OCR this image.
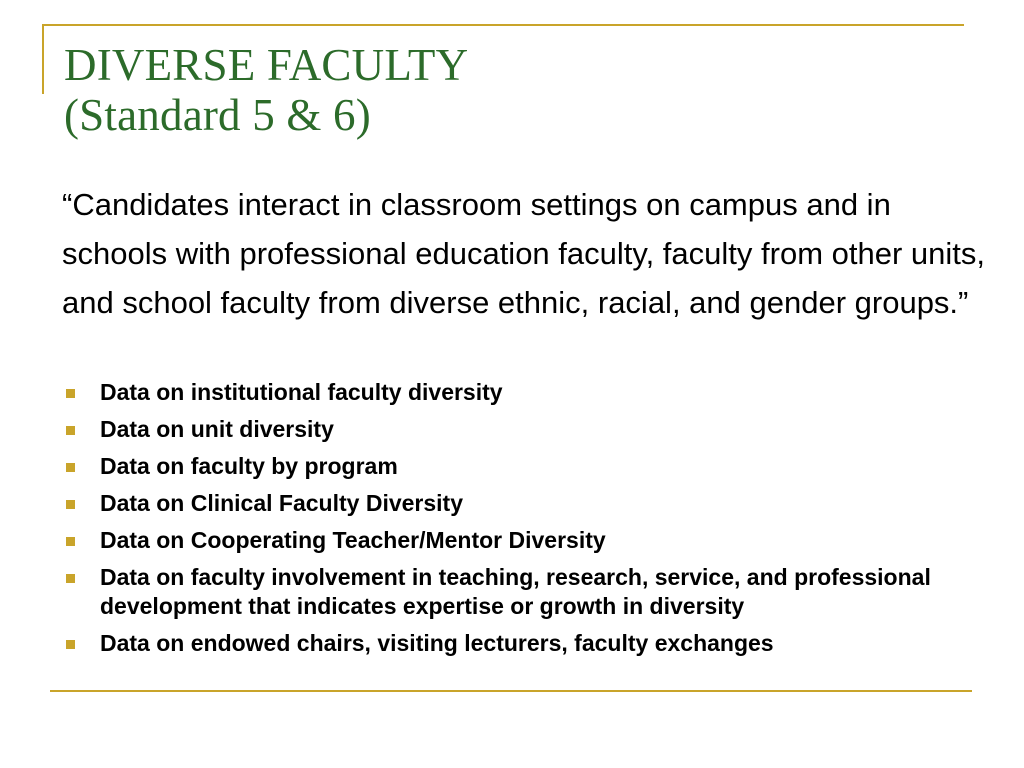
DIVERSE FACULTY
(Standard 5 & 6)

“Candidates interact in classroom settings on campus and in schools with professional education faculty, faculty from other units, and school faculty from diverse ethnic, racial, and gender groups.”

Data on institutional faculty diversity
Data on unit diversity
Data on faculty by program
Data on Clinical Faculty Diversity
Data on Cooperating Teacher/Mentor Diversity
Data on faculty involvement in teaching, research, service, and professional development that indicates expertise or growth in diversity
Data on endowed chairs, visiting lecturers, faculty exchanges
